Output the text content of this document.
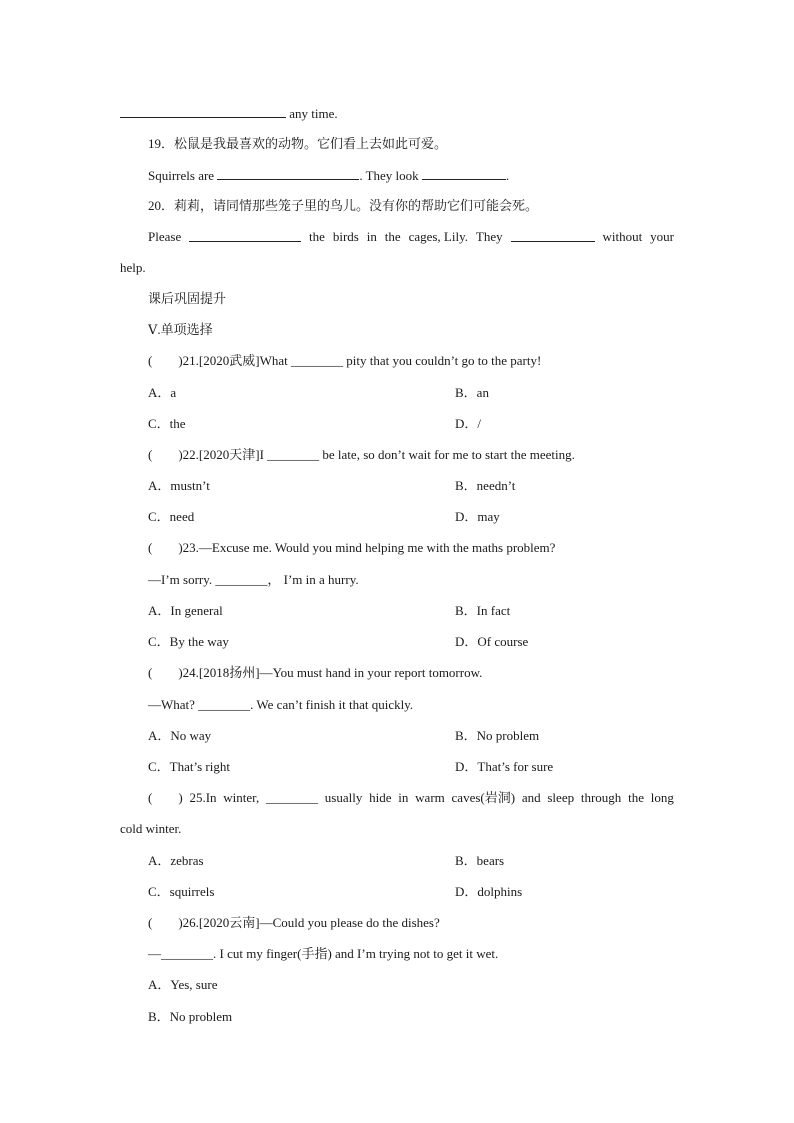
any time.
19．松鼠是我最喜欢的动物。它们看上去如此可爱。
Squirrels are	. They look	.
20．莉莉，请同情那些笼子里的鸟儿。没有你的帮助它们可能会死。
Please	the birds in the cages, Lily. They	without your
help.
课后巩固提升
Ⅴ.单项选择
(        )21.[2020武威]What ________ pity that you couldn’t go to the party!
A．a	B．an
C．the	D．/
(        )22.[2020天津]I ________ be late, so don’t wait for me to start the meeting.
A．mustn’t	B．needn’t
C．need	D．may
(        )23.—Excuse me. Would you mind helping me with the maths problem?
—I’m sorry. ________， I’m in a hurry.
A．In general	B．In fact
C．By the way	D．Of course
(        )24.[2018扬州]—You must hand in your report tomorrow.
—What? ________. We can’t finish it that quickly.
A．No way	B．No problem
C．That’s right	D．That’s for sure
(        ) 25.In winter, ________ usually hide in warm caves(岩洞) and sleep through the long
cold winter.
A．zebras	B．bears
C．squirrels	D．dolphins
(        )26.[2020云南]—Could you please do the dishes?
—________. I cut my finger(手指) and I’m trying not to get it wet.
A．Yes, sure
B．No problem
